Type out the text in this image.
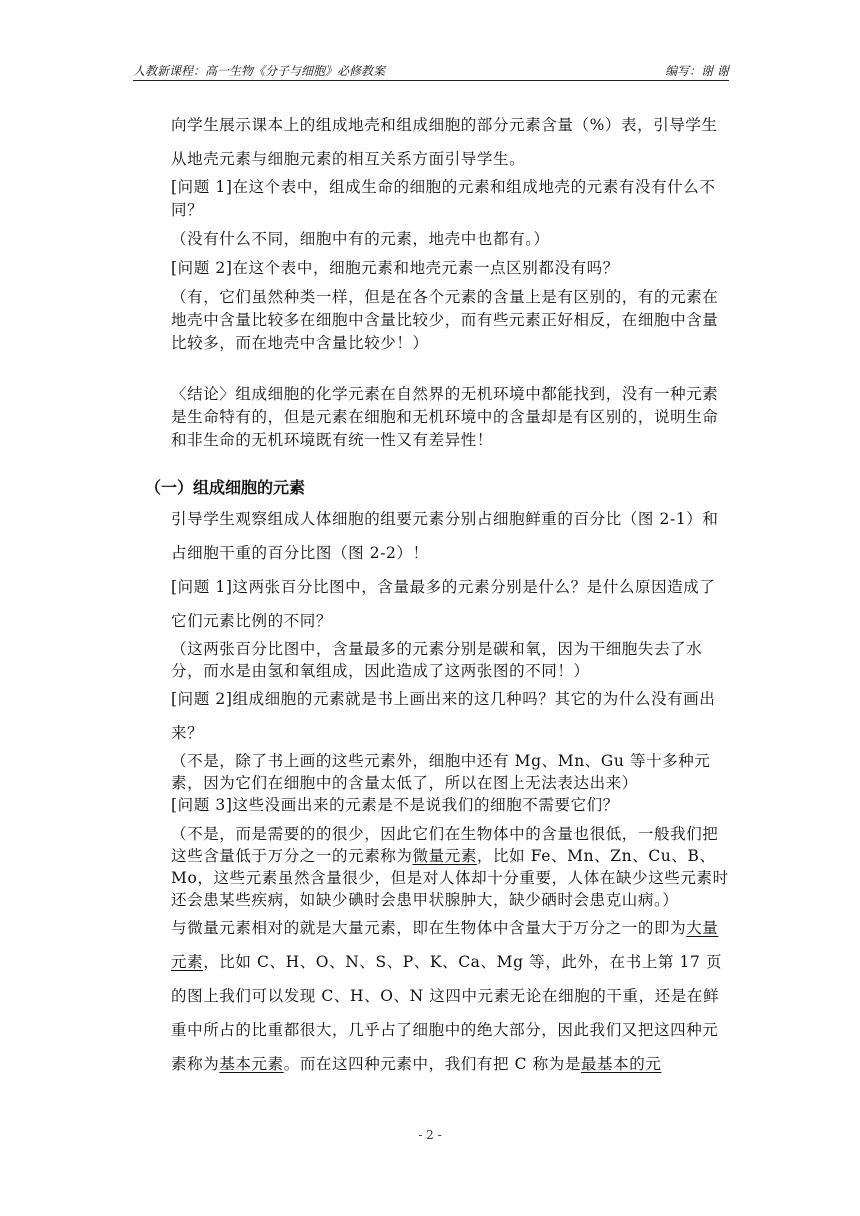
人教新课程：高一生物《分子与细胞》必修教案	编写：谢 谢

向学生展示课本上的组成地壳和组成细胞的部分元素含量（%）表，引导学生从地壳元素与细胞元素的相互关系方面引导学生。

[问题 1]在这个表中，组成生命的细胞的元素和组成地壳的元素有没有什么不同？

（没有什么不同，细胞中有的元素，地壳中也都有。）

[问题 2]在这个表中，细胞元素和地壳元素一点区别都没有吗？

（有，它们虽然种类一样，但是在各个元素的含量上是有区别的，有的元素在地壳中含量比较多在细胞中含量比较少，而有些元素正好相反，在细胞中含量比较多，而在地壳中含量比较少！）

〈结论〉组成细胞的化学元素在自然界的无机环境中都能找到，没有一种元素是生命特有的，但是元素在细胞和无机环境中的含量却是有区别的，说明生命和非生命的无机环境既有统一性又有差异性！

（一）组成细胞的元素

引导学生观察组成人体细胞的组要元素分别占细胞鲜重的百分比（图 2-1）和占细胞干重的百分比图（图 2-2）！

[问题 1]这两张百分比图中，含量最多的元素分别是什么？是什么原因造成了它们元素比例的不同？

（这两张百分比图中，含量最多的元素分别是碳和氧，因为干细胞失去了水分，而水是由氢和氧组成，因此造成了这两张图的不同！）

[问题 2]组成细胞的元素就是书上画出来的这几种吗？其它的为什么没有画出来？

（不是，除了书上画的这些元素外，细胞中还有 Mg、Mn、Gu 等十多种元素，因为它们在细胞中的含量太低了，所以在图上无法表达出来）

[问题 3]这些没画出来的元素是不是说我们的细胞不需要它们？

（不是，而是需要的的很少，因此它们在生物体中的含量也很低，一般我们把这些含量低于万分之一的元素称为微量元素，比如 Fe、Mn、Zn、Cu、B、Mo，这些元素虽然含量很少，但是对人体却十分重要，人体在缺少这些元素时还会患某些疾病，如缺少碘时会患甲状腺肿大，缺少硒时会患克山病。）

与微量元素相对的就是大量元素，即在生物体中含量大于万分之一的即为大量元素，比如 C、H、O、N、S、P、K、Ca、Mg 等，此外，在书上第 17 页的图上我们可以发现 C、H、O、N 这四中元素无论在细胞的干重，还是在鲜重中所占的比重都很大，几乎占了细胞中的绝大部分，因此我们又把这四种元素称为基本元素。而在这四种元素中，我们有把 C 称为是最基本的元

- 2 -
